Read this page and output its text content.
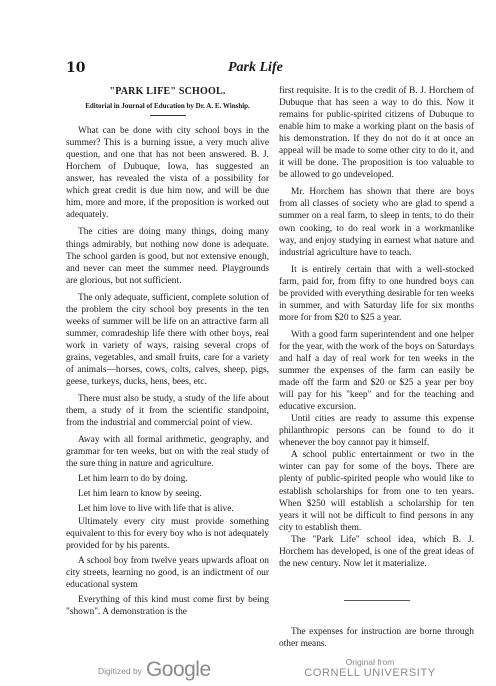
10	Park Life
"PARK LIFE" SCHOOL.
Editorial in Journal of Education by Dr. A. E. Winship.

What can be done with city school boys in the summer? This is a burning issue, a very much alive question, and one that has not been answered. B. J. Horchem of Dubuque, Iowa, has suggested an answer, has revealed the vista of a possibility for which great credit is due him now, and will be due him, more and more, if the proposition is worked out adequately.

The cities are doing many things, doing many things admirably, but nothing now done is adequate. The school garden is good, but not extensive enough, and never can meet the summer need. Playgrounds are glorious, but not sufficient.

The only adequate, sufficient, complete solution of the problem the city school boy presents in the ten weeks of summer will be life on an attractive farm all summer, comradeship life there with other boys, real work in variety of ways, raising several crops of grains, vegetables, and small fruits, care for a variety of animals—horses, cows, colts, calves, sheep, pigs, geese, turkeys, ducks, hens, bees, etc.

There must also be study, a study of the life about them, a study of it from the scientific standpoint, from the industrial and commercial point of view.

Away with all formal arithmetic, geography, and grammar for ten weeks, but on with the real study of the sure thing in nature and agriculture.

Let him learn to do by doing.

Let him learn to know by seeing.

Let him love to live with life that is alive.

Ultimately every city must provide something equivalent to this for every boy who is not adequately provided for by his parents.

A school boy from twelve years upwards afloat on city streets, learning no good, is an indictment of our educational system

Everything of this kind must come first by being "shown". A demonstration is the

first requisite. It is to the credit of B. J. Horchem of Dubuque that has seen a way to do this. Now it remains for public-spirited citizens of Dubuque to enable him to make a working plant on the basis of his demonstration. If they do not do it at once an appeal will be made to some other city to do it, and it will be done. The proposition is too valuable to be allowed to go undeveloped.

Mr. Horchem has shown that there are boys from all classes of society who are glad to spend a summer on a real farm, to sleep in tents, to do their own cooking, to do real work in a workmanlike way, and enjoy studying in earnest what nature and industrial agriculture have to teach.

It is entirely certain that with a well-stocked farm, paid for, from fifty to one hundred boys can be provided with everything desirable for ten weeks in summer, and with Saturday life for six months more for from $20 to $25 a year.

With a good farm superintendent and one helper for the year, with the work of the boys on Saturdays and half a day of real work for ten weeks in the summer the expenses of the farm can easily be made off the farm and $20 or $25 a year per boy will pay for his "keep" and for the teaching and educative excursion.

Until cities are ready to assume this expense philanthropic persons can be found to do it whenever the boy cannot pay it himself.

A school public entertainment or two in the winter can pay for some of the boys. There are plenty of public-spirited people who would like to establish scholarships for from one to ten years. When $250 will establish a scholarship for ten years it will not be difficult to find persons in any city to establish them.

The "Park Life" school idea, which B. J. Horchem has developed, is one of the great ideas of the new century. Now let it materialize.

The expenses for instruction are borne through other means.

Digitized by Google	Original from
CORNELL UNIVERSITY
